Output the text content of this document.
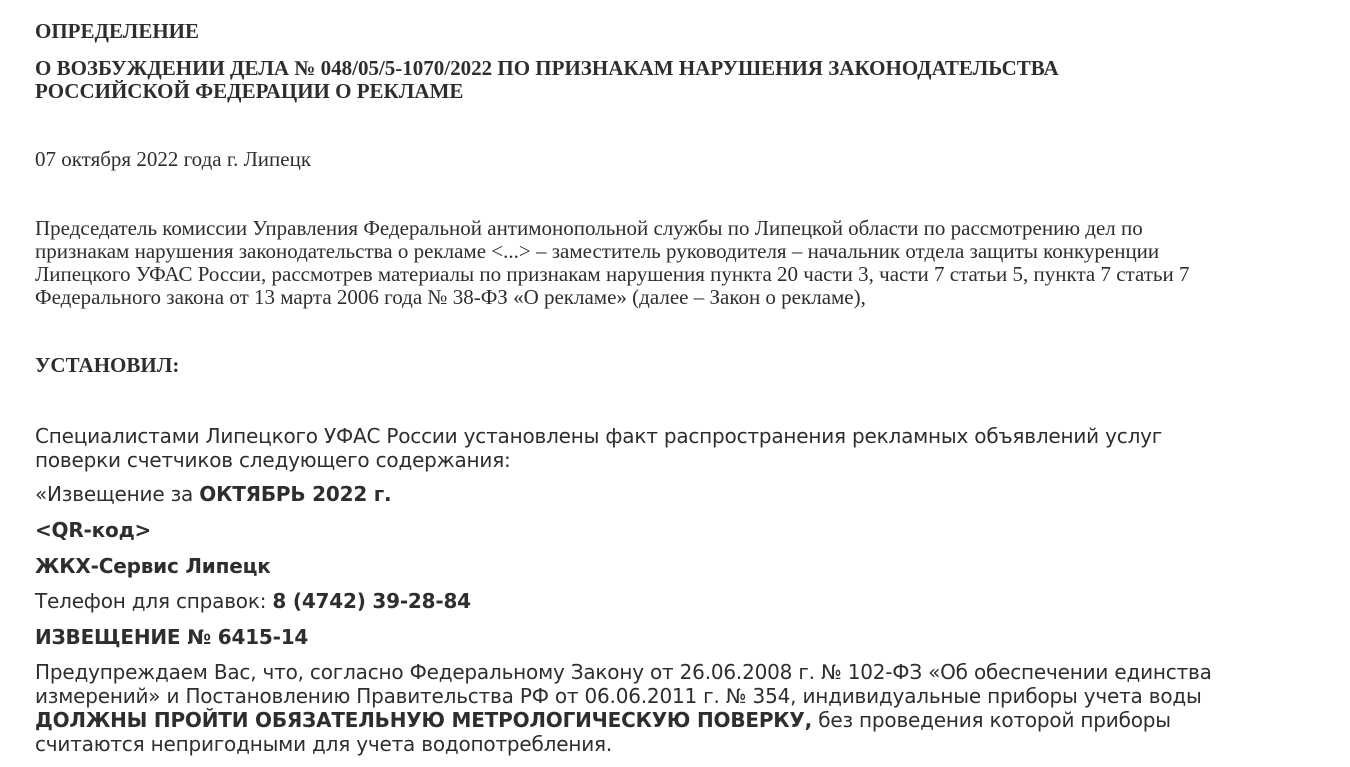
ОПРЕДЕЛЕНИЕ

О ВОЗБУЖДЕНИИ ДЕЛА № 048/05/5-1070/2022 ПО ПРИЗНАКАМ НАРУШЕНИЯ ЗАКОНОДАТЕЛЬСТВА РОССИЙСКОЙ ФЕДЕРАЦИИ О РЕКЛАМЕ

07 октября 2022 года г. Липецк

Председатель комиссии Управления Федеральной антимонопольной службы по Липецкой области по рассмотрению дел по признакам нарушения законодательства о рекламе <...> – заместитель руководителя – начальник отдела защиты конкуренции Липецкого УФАС России, рассмотрев материалы по признакам нарушения пункта 20 части 3, части 7 статьи 5, пункта 7 статьи 7 Федерального закона от 13 марта 2006 года № 38-ФЗ «О рекламе» (далее – Закон о рекламе),

УСТАНОВИЛ:

Специалистами Липецкого УФАС России установлены факт распространения рекламных объявлений услуг поверки счетчиков следующего содержания:

«Извещение за ОКТЯБРЬ 2022 г.

<QR-код>

ЖКХ-Сервис Липецк

Телефон для справок: 8 (4742) 39-28-84

ИЗВЕЩЕНИЕ № 6415-14

Предупреждаем Вас, что, согласно Федеральному Закону от 26.06.2008 г. № 102-ФЗ «Об обеспечении единства измерений» и Постановлению Правительства РФ от 06.06.2011 г. № 354, индивидуальные приборы учета воды ДОЛЖНЫ ПРОЙТИ ОБЯЗАТЕЛЬНУЮ МЕТРОЛОГИЧЕСКУЮ ПОВЕРКУ, без проведения которой приборы считаются непригодными для учета водопотребления.
